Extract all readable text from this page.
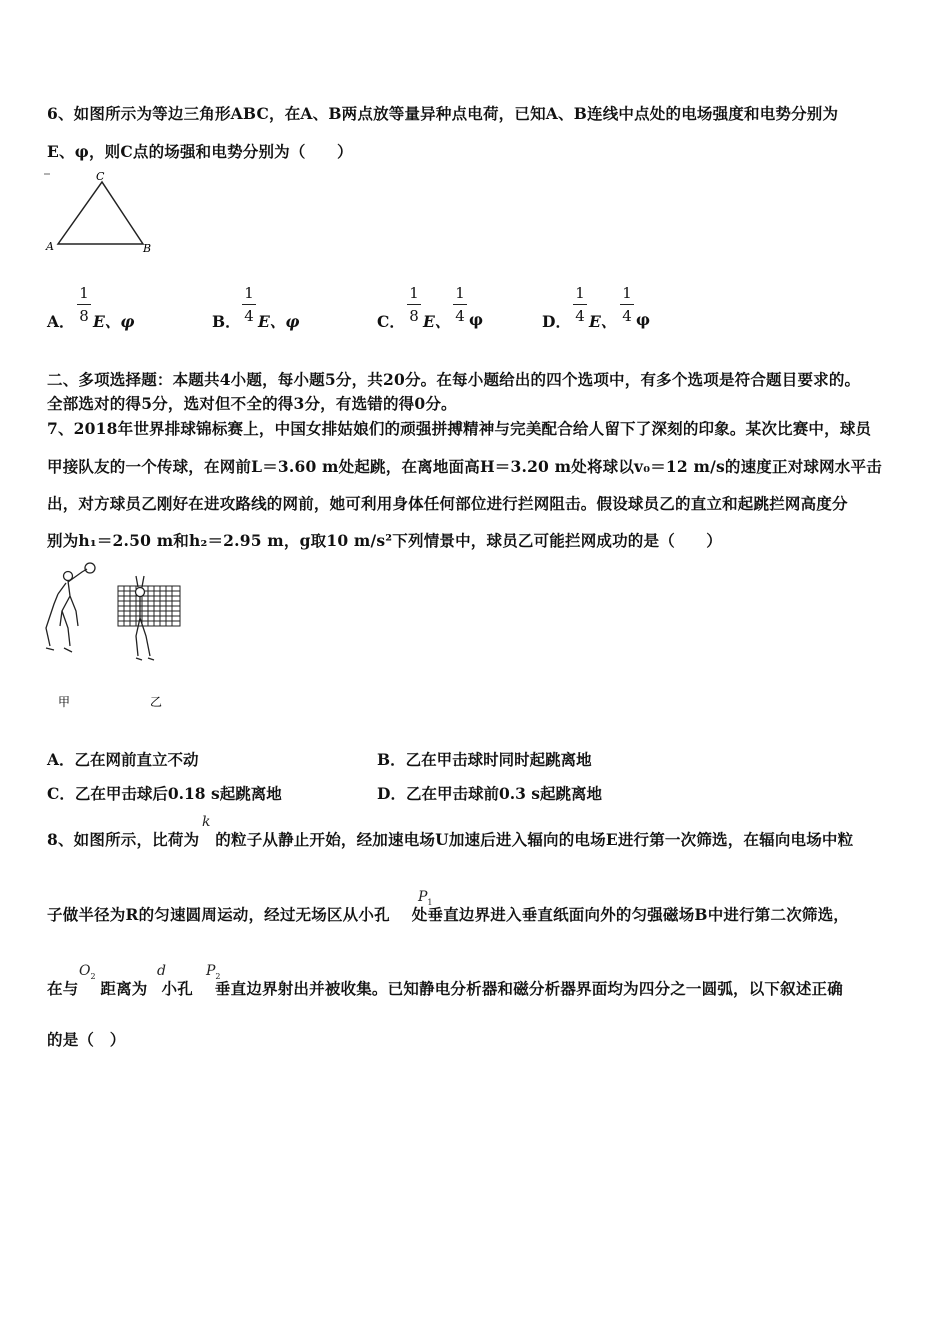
6、如图所示为等边三角形ABC，在A、B两点放等量异种点电荷，已知A、B连线中点处的电场强度和电势分别为
E、φ，则C点的场强和电势分别为（　　）
C
A	B
A．
1
8 E、φ	B．
1
4 E、φ	C．
1
8 E、
1
4 φ	D．
1
4 E、
1
4 φ
二、多项选择题：本题共4小题，每小题5分，共20分。在每小题给出的四个选项中，有多个选项是符合题目要求的。
全部选对的得5分，选对但不全的得3分，有选错的得0分。
7、2018年世界排球锦标赛上，中国女排姑娘们的顽强拼搏精神与完美配合给人留下了深刻的印象。某次比赛中，球员
甲接队友的一个传球，在网前L＝3.60 m处起跳，在离地面高H＝3.20 m处将球以v₀＝12 m/s的速度正对球网水平击
出，对方球员乙刚好在进攻路线的网前，她可利用身体任何部位进行拦网阻击。假设球员乙的直立和起跳拦网高度分
别为h₁＝2.50 m和h₂＝2.95 m，g取10 m/s²下列情景中，球员乙可能拦网成功的是（　　）
甲	乙
A．乙在网前直立不动	B．乙在甲击球时同时起跳离地
C．乙在甲击球后0.18 s起跳离地	D．乙在甲击球前0.3 s起跳离地
8、如图所示，比荷为 的粒子从静止开始，经加速电场U加速后进入辐向的电场E进行第一次筛选，在辐向电场中粒
k
子做半径为R的匀速圆周运动，经过无场区从小孔 处垂直边界进入垂直纸面向外的匀强磁场B中进行第二次筛选，
$P_1$
在与 距离为 小孔 垂直边界射出并被收集。已知静电分析器和磁分析器界面均为四分之一圆弧，以下叙述正确
$O_2$	d	$P_2$
的是（　）
